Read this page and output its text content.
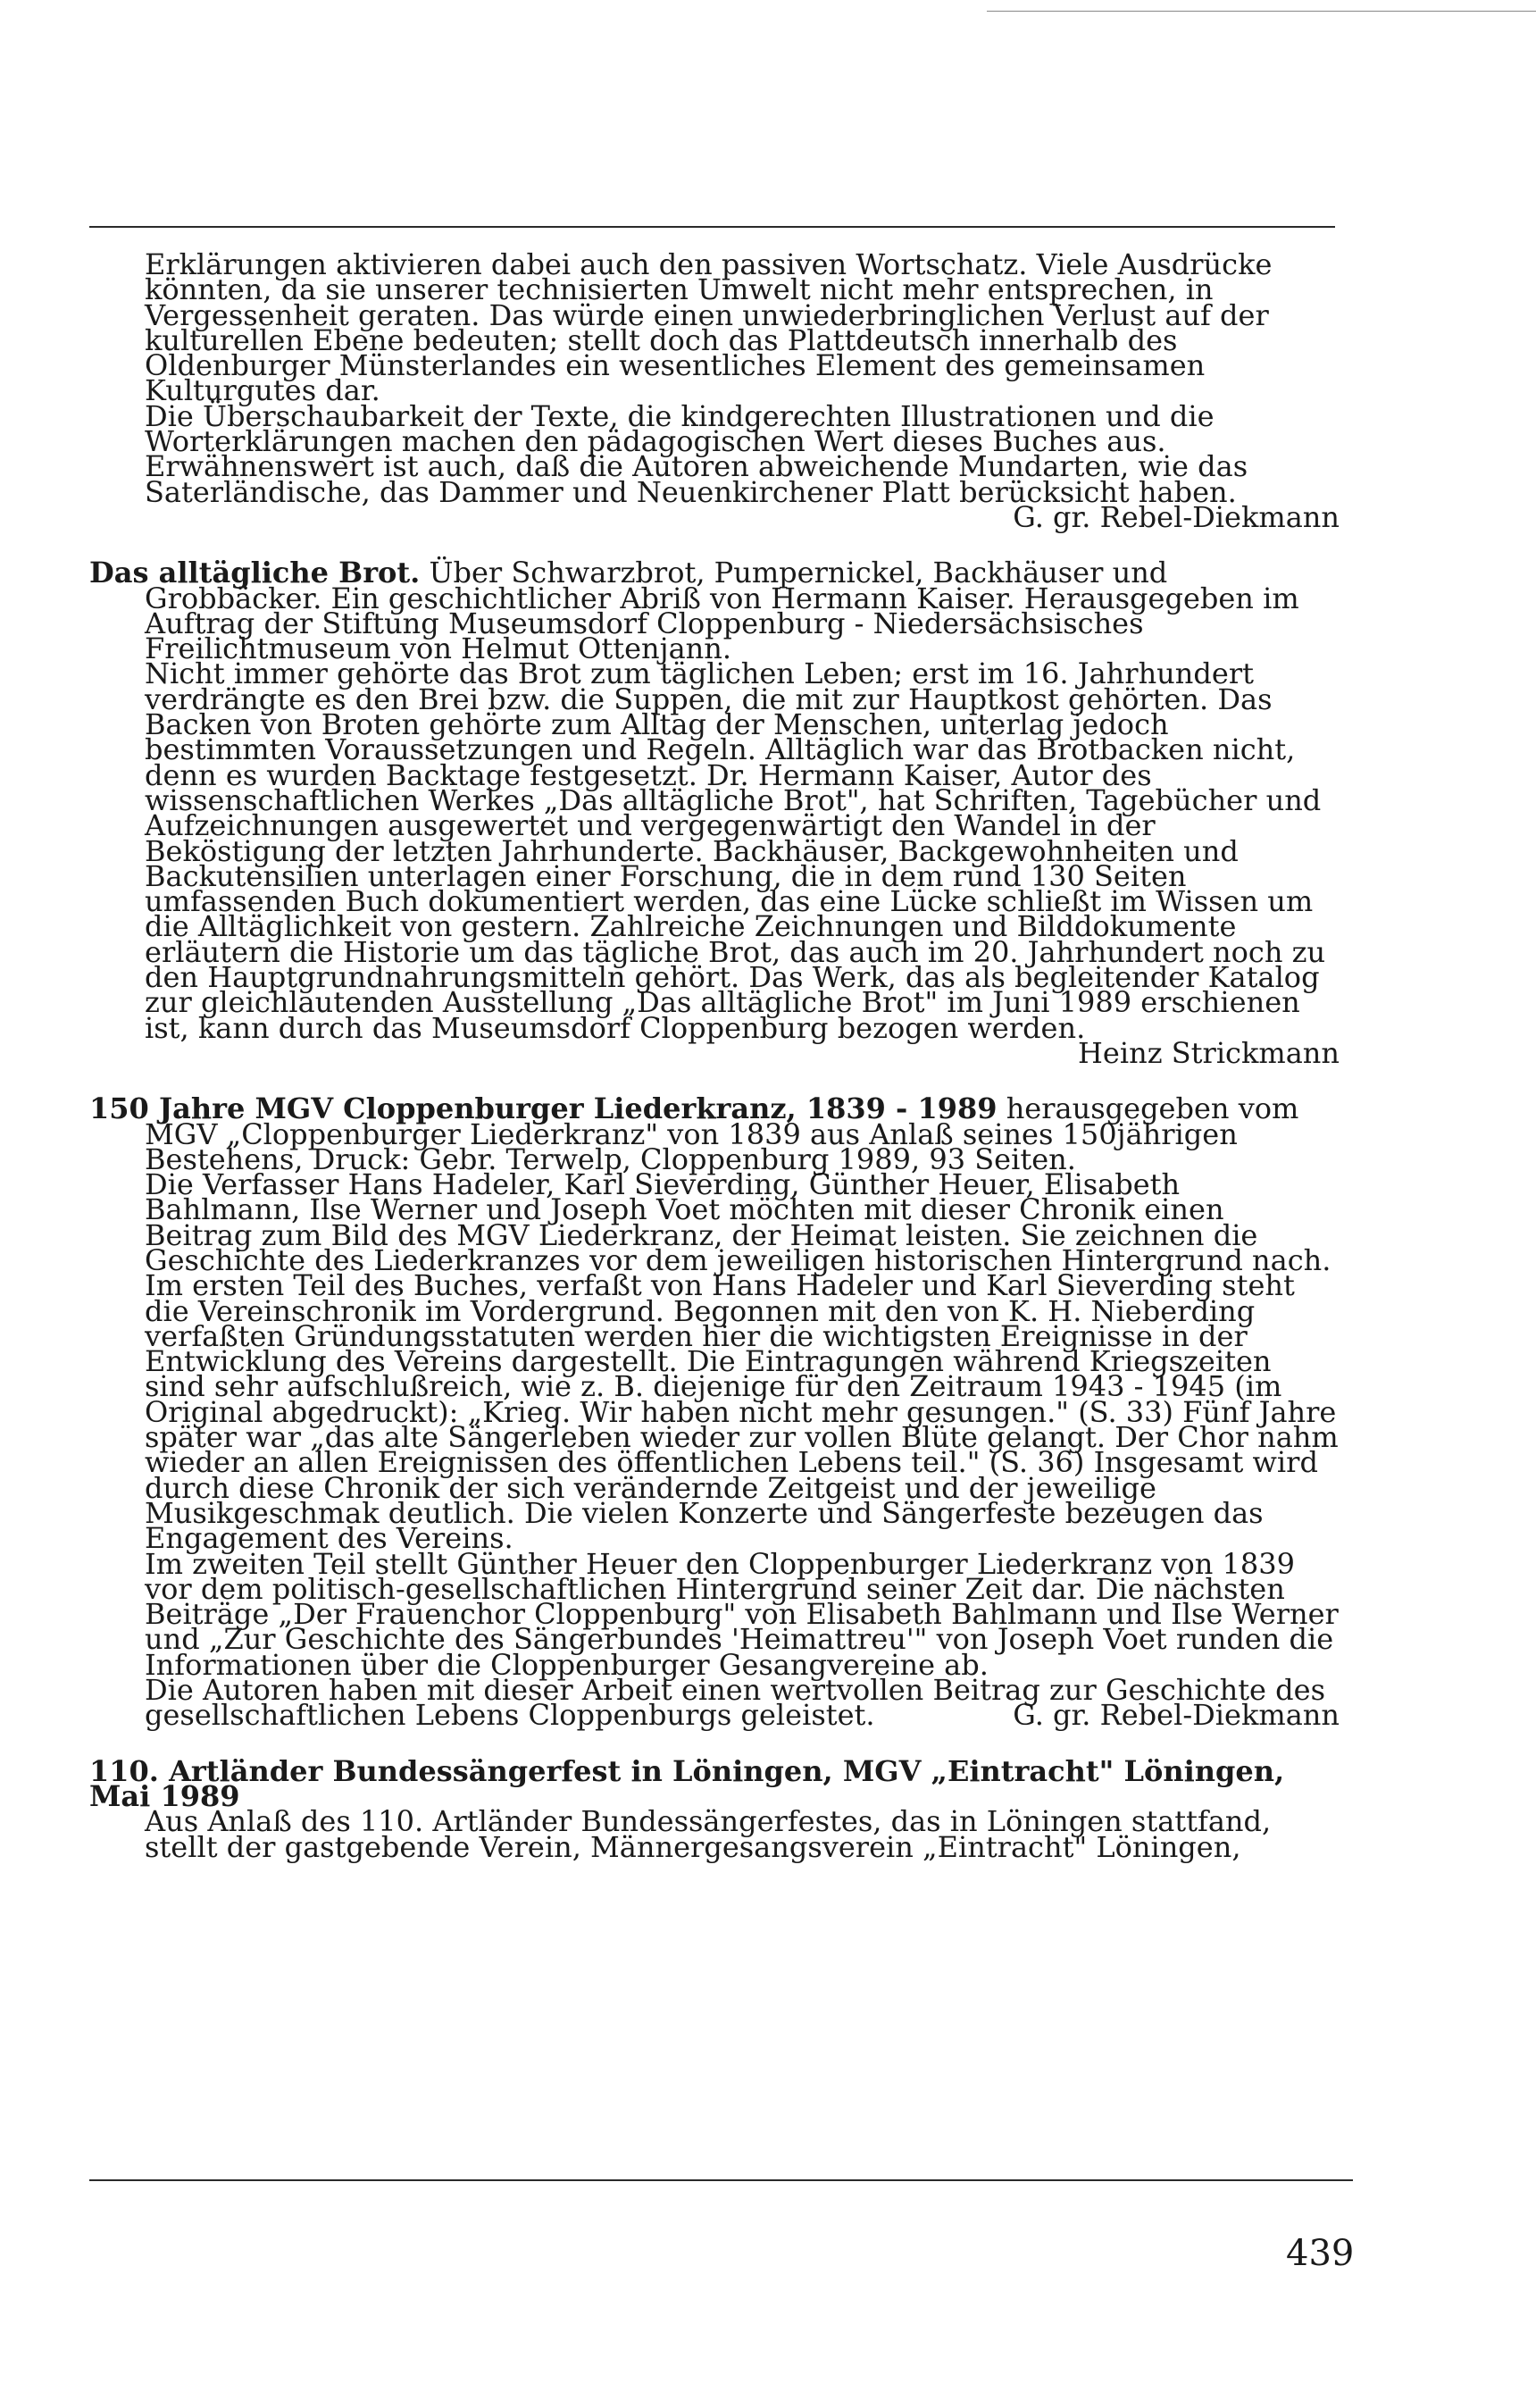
Erklärungen aktivieren dabei auch den passiven Wortschatz. Viele Ausdrücke könnten, da sie unserer technisierten Umwelt nicht mehr entsprechen, in Vergessenheit geraten. Das würde einen unwiederbringlichen Verlust auf der kulturellen Ebene bedeuten; stellt doch das Plattdeutsch innerhalb des Oldenburger Münsterlandes ein wesentliches Element des gemeinsamen Kulturgutes dar.

Die Überschaubarkeit der Texte, die kindgerechten Illustrationen und die Worterklärungen machen den pädagogischen Wert dieses Buches aus. Erwähnenswert ist auch, daß die Autoren abweichende Mundarten, wie das Saterländische, das Dammer und Neuenkirchener Platt berücksicht haben.

G. gr. Rebel-Diekmann

Das alltägliche Brot. Über Schwarzbrot, Pumpernickel, Backhäuser und Grobbäcker. Ein geschichtlicher Abriß von Hermann Kaiser. Herausgegeben im Auftrag der Stiftung Museumsdorf Cloppenburg - Niedersächsisches Freilichtmuseum von Helmut Ottenjann.

Nicht immer gehörte das Brot zum täglichen Leben; erst im 16. Jahrhundert verdrängte es den Brei bzw. die Suppen, die mit zur Hauptkost gehörten. Das Backen von Broten gehörte zum Alltag der Menschen, unterlag jedoch bestimmten Voraussetzungen und Regeln. Alltäglich war das Brotbacken nicht, denn es wurden Backtage festgesetzt. Dr. Hermann Kaiser, Autor des wissenschaftlichen Werkes „Das alltägliche Brot", hat Schriften, Tagebücher und Aufzeichnungen ausgewertet und vergegenwärtigt den Wandel in der Beköstigung der letzten Jahrhunderte. Backhäuser, Backgewohnheiten und Backutensilien unterlagen einer Forschung, die in dem rund 130 Seiten umfassenden Buch dokumentiert werden, das eine Lücke schließt im Wissen um die Alltäglichkeit von gestern. Zahlreiche Zeichnungen und Bilddokumente erläutern die Historie um das tägliche Brot, das auch im 20. Jahrhundert noch zu den Hauptgrundnahrungsmitteln gehört. Das Werk, das als begleitender Katalog zur gleichlautenden Ausstellung „Das alltägliche Brot" im Juni 1989 erschienen ist, kann durch das Museumsdorf Cloppenburg bezogen werden.
Heinz Strickmann

150 Jahre MGV Cloppenburger Liederkranz, 1839 - 1989 herausgegeben vom MGV „Cloppenburger Liederkranz" von 1839 aus Anlaß seines 150jährigen Bestehens, Druck: Gebr. Terwelp, Cloppenburg 1989, 93 Seiten.

Die Verfasser Hans Hadeler, Karl Sieverding, Günther Heuer, Elisabeth Bahlmann, Ilse Werner und Joseph Voet möchten mit dieser Chronik einen Beitrag zum Bild des MGV Liederkranz, der Heimat leisten. Sie zeichnen die Geschichte des Liederkranzes vor dem jeweiligen historischen Hintergrund nach. Im ersten Teil des Buches, verfaßt von Hans Hadeler und Karl Sieverding steht die Vereinschronik im Vordergrund. Begonnen mit den von K. H. Nieberding verfaßten Gründungsstatuten werden hier die wichtigsten Ereignisse in der Entwicklung des Vereins dargestellt. Die Eintragungen während Kriegszeiten sind sehr aufschlußreich, wie z. B. diejenige für den Zeitraum 1943 - 1945 (im Original abgedruckt): „Krieg. Wir haben nicht mehr gesungen." (S. 33) Fünf Jahre später war „das alte Sängerleben wieder zur vollen Blüte gelangt. Der Chor nahm wieder an allen Ereignissen des öffentlichen Lebens teil." (S. 36) Insgesamt wird durch diese Chronik der sich verändernde Zeitgeist und der jeweilige Musikgeschmak deutlich. Die vielen Konzerte und Sängerfeste bezeugen das Engagement des Vereins.

Im zweiten Teil stellt Günther Heuer den Cloppenburger Liederkranz von 1839 vor dem politisch-gesellschaftlichen Hintergrund seiner Zeit dar. Die nächsten Beiträge „Der Frauenchor Cloppenburg" von Elisabeth Bahlmann und Ilse Werner und „Zur Geschichte des Sängerbundes 'Heimattreu'" von Joseph Voet runden die Informationen über die Cloppenburger Gesangvereine ab.

Die Autoren haben mit dieser Arbeit einen wertvollen Beitrag zur Geschichte des gesellschaftlichen Lebens Cloppenburgs geleistet.	G. gr. Rebel-Diekmann

110. Artländer Bundessängerfest in Löningen, MGV „Eintracht" Löningen, Mai 1989

Aus Anlaß des 110. Artländer Bundessängerfestes, das in Löningen stattfand, stellt der gastgebende Verein, Männergesangsverein „Eintracht" Löningen,

439
